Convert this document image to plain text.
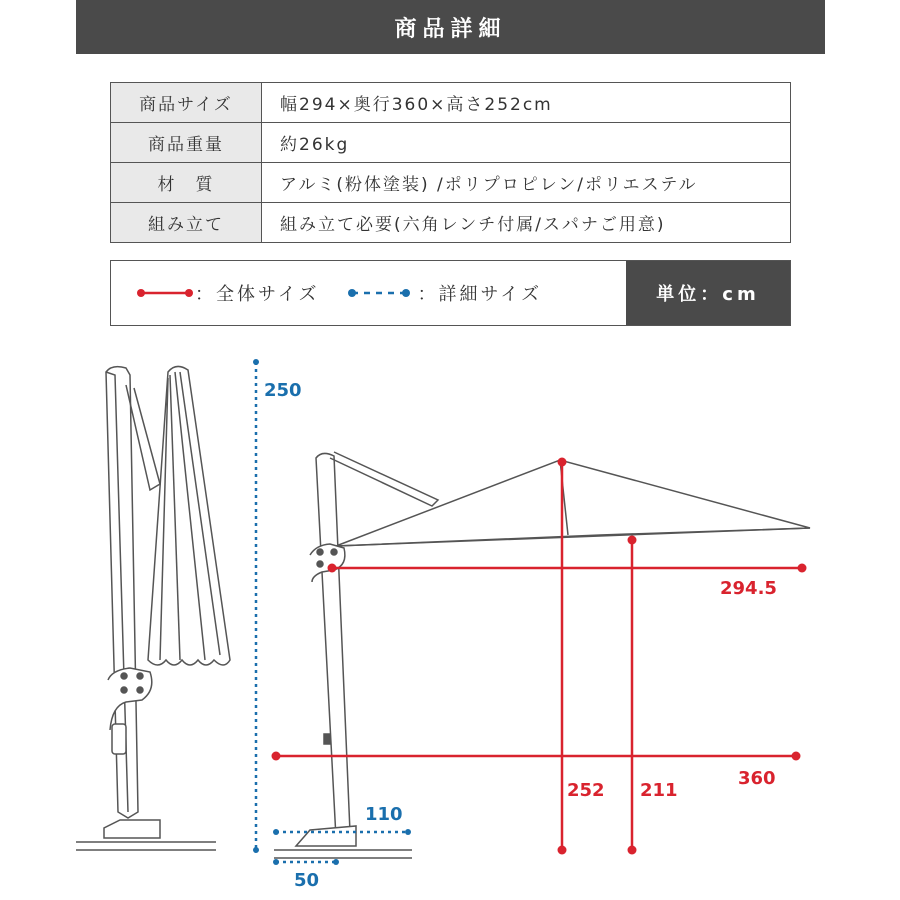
商品詳細
商品サイズ	幅294×奥行360×高さ252cm
商品重量	約26kg
材　質	アルミ(粉体塗装) /ポリプロピレン/ポリエステル
組み立て	組み立て必要(六角レンチ付属/スパナご用意)
：全体サイズ	：詳細サイズ	単位：cm
250
110
50
294.5
252 211
360
